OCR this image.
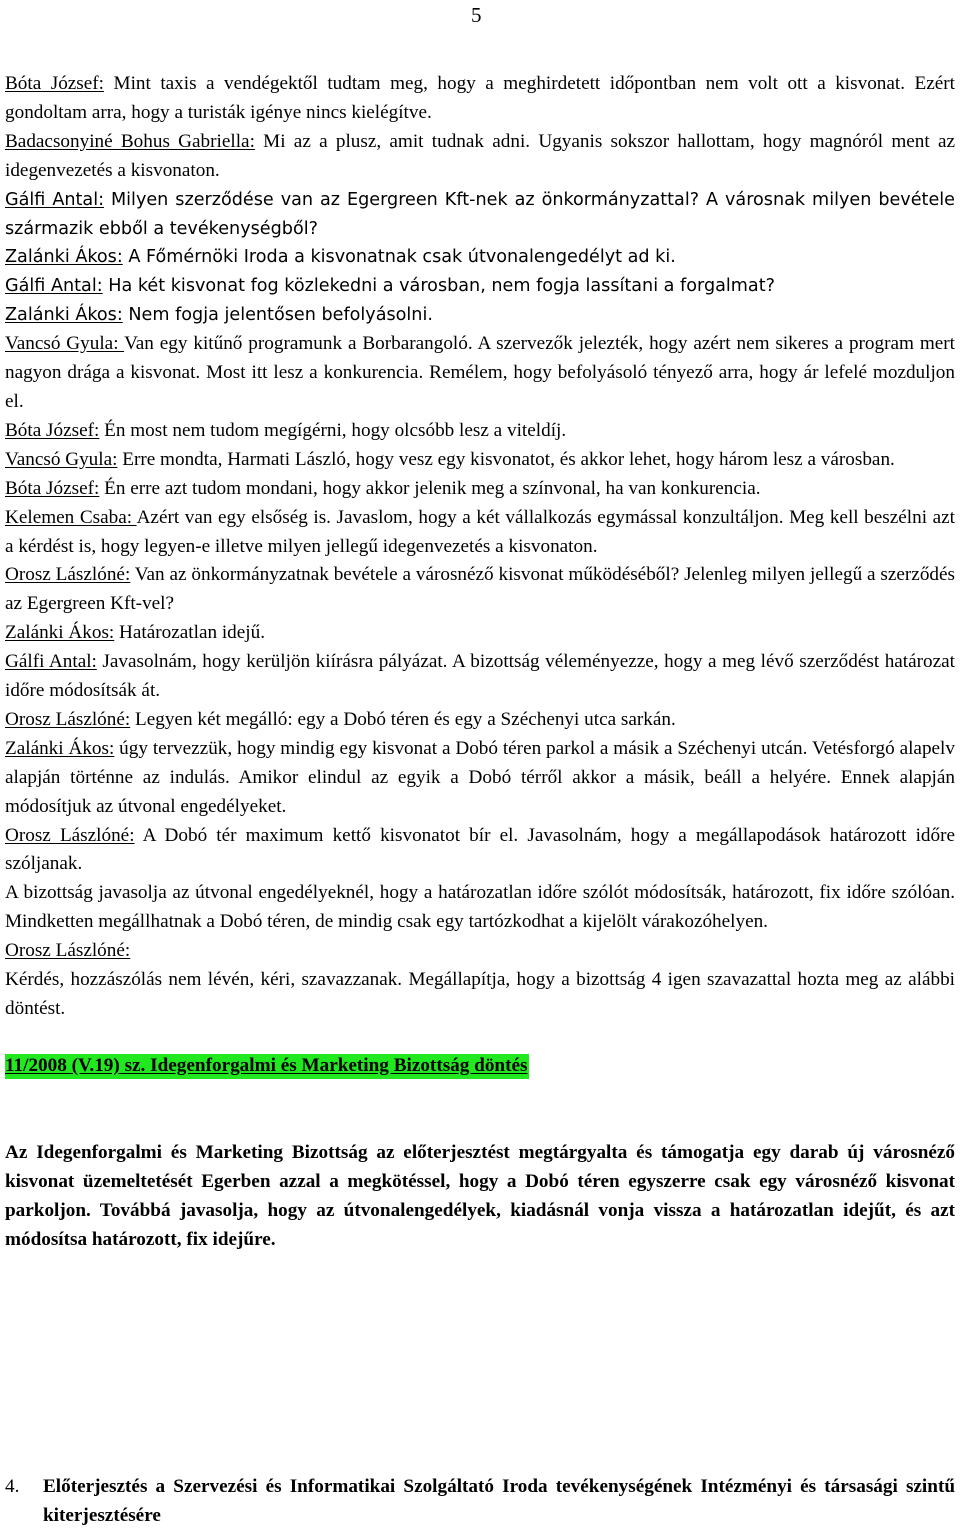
5

Bóta József: Mint taxis a vendégektől tudtam meg, hogy a meghirdetett időpontban nem volt ott a kisvonat. Ezért gondoltam arra, hogy a turisták igénye nincs kielégítve.

Badacsonyiné Bohus Gabriella: Mi az a plusz, amit tudnak adni. Ugyanis sokszor hallottam, hogy magnóról ment az idegenvezetés a kisvonaton.

Gálfi Antal: Milyen szerződése van az Egergreen Kft-nek az önkormányzattal? A városnak milyen bevétele származik ebből a tevékenységből?

Zalánki Ákos: A Főmérnöki Iroda a kisvonatnak csak útvonalengedélyt ad ki.

Gálfi Antal: Ha két kisvonat fog közlekedni a városban, nem fogja lassítani a forgalmat?

Zalánki Ákos: Nem fogja jelentősen befolyásolni.

Vancsó Gyula: Van egy kitűnő programunk a Borbarangoló. A szervezők jelezték, hogy azért nem sikeres a program mert nagyon drága a kisvonat. Most itt lesz a konkurencia. Remélem, hogy befolyásoló tényező arra, hogy ár lefelé mozduljon el.

Bóta József: Én most nem tudom megígérni, hogy olcsóbb lesz a viteldíj.

Vancsó Gyula: Erre mondta, Harmati László, hogy vesz egy kisvonatot, és akkor lehet, hogy három lesz a városban.

Bóta József: Én erre azt tudom mondani, hogy akkor jelenik meg a színvonal, ha van konkurencia.

Kelemen Csaba: Azért van egy elsőség is. Javaslom, hogy a két vállalkozás egymással konzultáljon. Meg kell beszélni azt a kérdést is, hogy legyen-e illetve milyen jellegű idegenvezetés a kisvonaton.

Orosz Lászlóné: Van az önkormányzatnak bevétele a városnéző kisvonat működéséből? Jelenleg milyen jellegű a szerződés az Egergreen Kft-vel?

Zalánki Ákos: Határozatlan idejű.

Gálfi Antal: Javasolnám, hogy kerüljön kiírásra pályázat. A bizottság véleményezze, hogy a meg lévő szerződést határozat időre módosítsák át.

Orosz Lászlóné: Legyen két megálló: egy a Dobó téren és egy a Széchenyi utca sarkán.

Zalánki Ákos: úgy tervezzük, hogy mindig egy kisvonat a Dobó téren parkol a másik a Széchenyi utcán. Vetésforgó alapelv alapján történne az indulás. Amikor elindul az egyik a Dobó térről akkor a másik, beáll a helyére. Ennek alapján módosítjuk az útvonal engedélyeket.

Orosz Lászlóné: A Dobó tér maximum kettő kisvonatot bír el. Javasolnám, hogy a megállapodások határozott időre szóljanak.

A bizottság javasolja az útvonal engedélyeknél, hogy a határozatlan időre szólót módosítsák, határozott, fix időre szólóan. Mindketten megállhatnak a Dobó téren, de mindig csak egy tartózkodhat a kijelölt várakozóhelyen.

Orosz Lászlóné:

Kérdés, hozzászólás nem lévén, kéri, szavazzanak. Megállapítja, hogy a bizottság 4 igen szavazattal hozta meg az alábbi döntést.

11/2008 (V.19) sz. Idegenforgalmi és Marketing Bizottság döntés

Az Idegenforgalmi és Marketing Bizottság az előterjesztést megtárgyalta és támogatja egy darab új városnéző kisvonat üzemeltetését Egerben azzal a megkötéssel, hogy a Dobó téren egyszerre csak egy városnéző kisvonat parkoljon. Továbbá javasolja, hogy az útvonalengedélyek, kiadásnál vonja vissza a határozatlan idejűt, és azt módosítsa határozott, fix idejűre.

4.	Előterjesztés a Szervezési és Informatikai Szolgáltató Iroda tevékenységének Intézményi és társasági szintű kiterjesztésére
